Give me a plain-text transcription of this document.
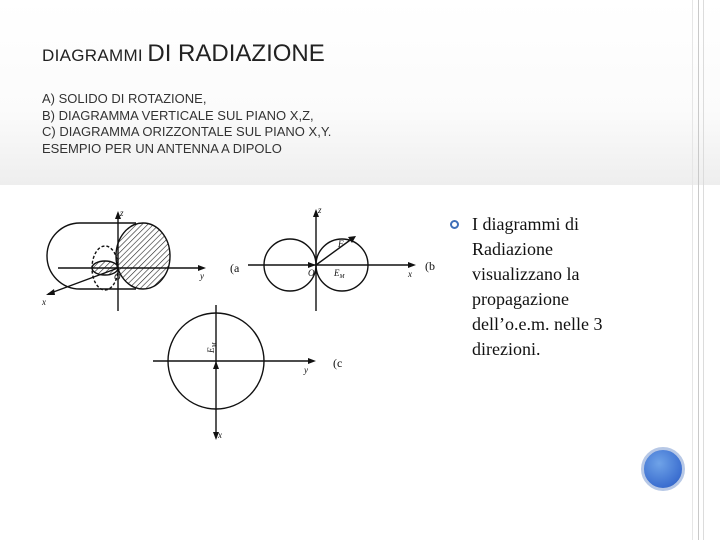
DIAGRAMMI DI RADIAZIONE
A) SOLIDO DI ROTAZIONE,
B) DIAGRAMMA VERTICALE SUL PIANO X,Z,
C) DIAGRAMMA ORIZZONTALE SUL PIANO X,Y.
ESEMPIO PER UN ANTENNA A DIPOLO
z
y
x
O
z
x
O
F
$E_M$
y
x
$E_M$
(a	(b
(c
I diagrammi di
Radiazione
visualizzano la
propagazione
dell’o.e.m. nelle 3
direzioni.
